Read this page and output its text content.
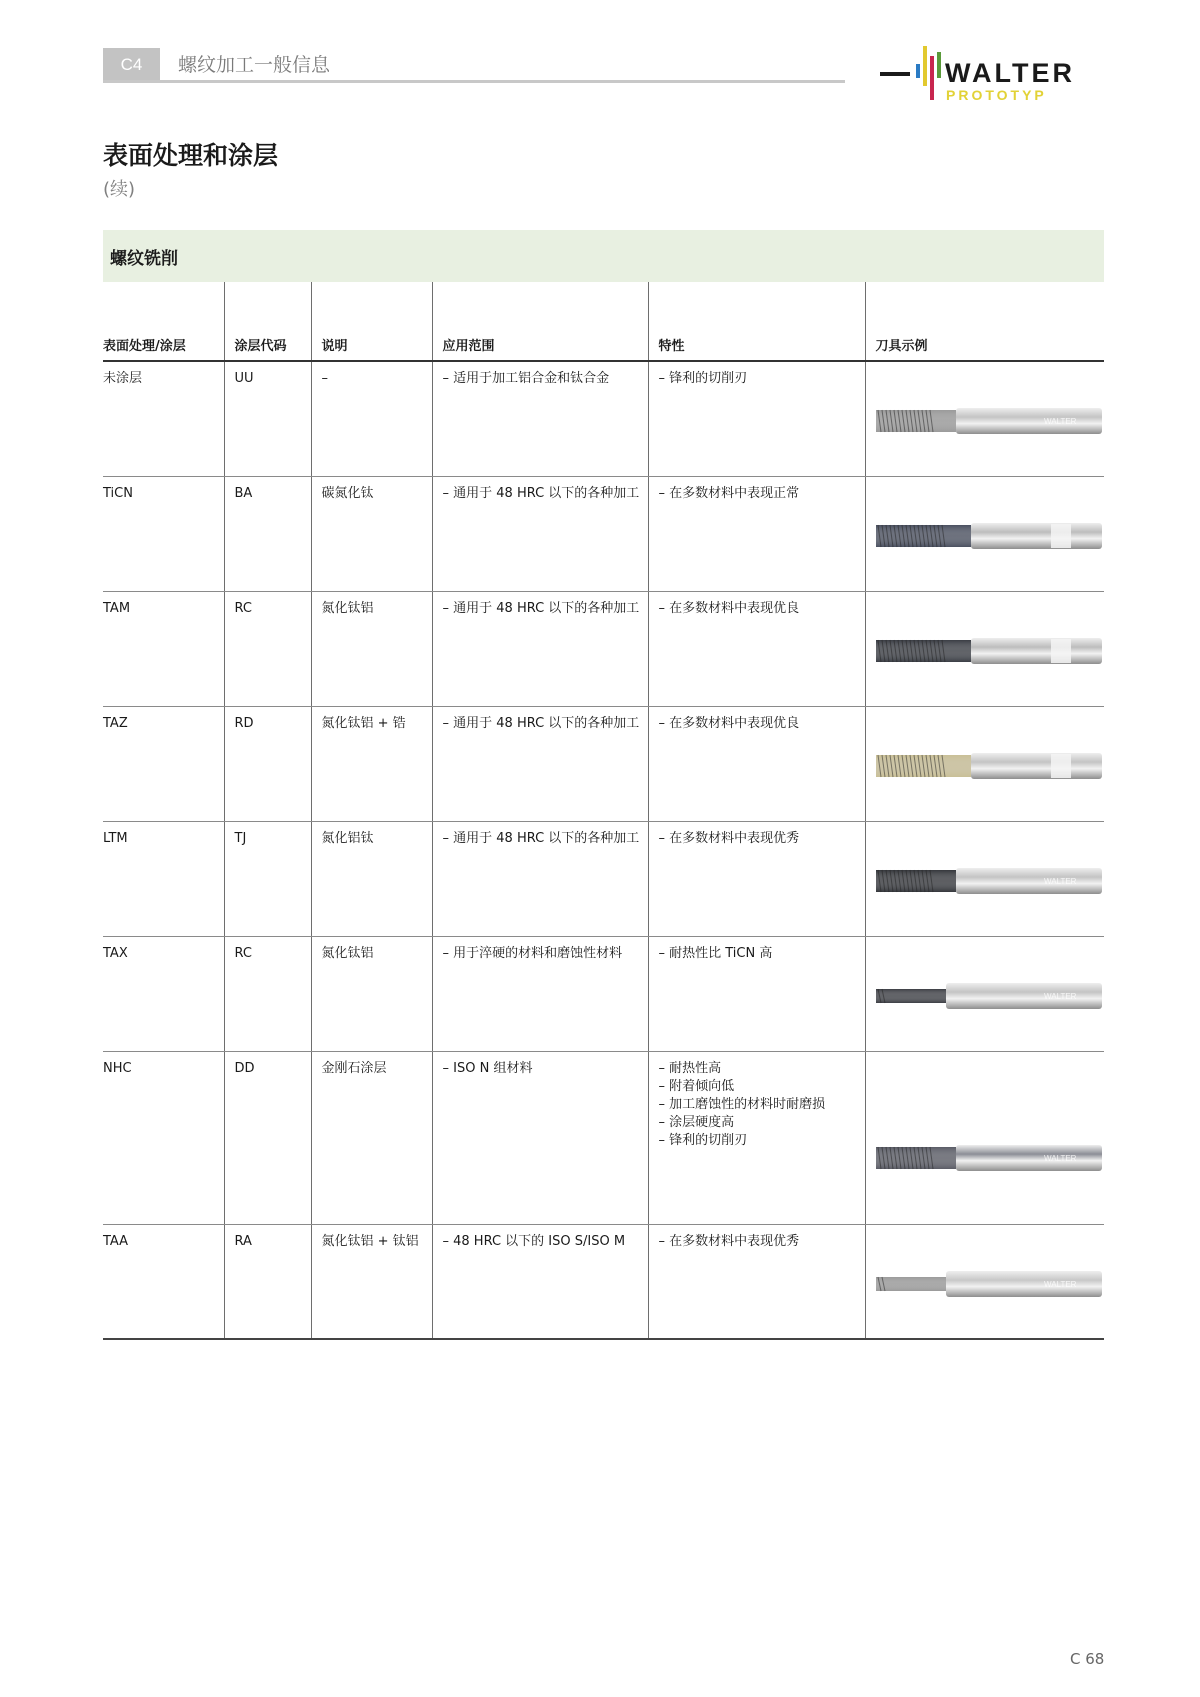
C4	螺纹加工一般信息	WALTER
PROTOTYP
表面处理和涂层
(续)
螺纹铣削
表面处理/涂层	涂层代码	说明	应用范围	特性	刀具示例

未涂层	UU	–	– 适用于加工铝合金和钛合金	– 锋利的切削刃	WALTER

TiCN	BA	碳氮化钛	– 通用于 48 HRC 以下的各种加工	– 在多数材料中表现正常

TAM	RC	氮化钛铝	– 通用于 48 HRC 以下的各种加工	– 在多数材料中表现优良

TAZ	RD	氮化钛铝 + 锆	– 通用于 48 HRC 以下的各种加工	– 在多数材料中表现优良

LTM	TJ	氮化铝钛	– 通用于 48 HRC 以下的各种加工	– 在多数材料中表现优秀	WALTER

TAX	RC	氮化钛铝	– 用于淬硬的材料和磨蚀性材料	– 耐热性比 TiCN 高	WALTER

NHC	DD	金刚石涂层	– ISO N 组材料	– 耐热性高
– 附着倾向低
– 加工磨蚀性的材料时耐磨损
– 涂层硬度高
– 锋利的切削刃	WALTER

TAA	RA	氮化钛铝 + 钛铝	– 48 HRC 以下的 ISO S/ISO M	– 在多数材料中表现优秀	WALTER
C 68
